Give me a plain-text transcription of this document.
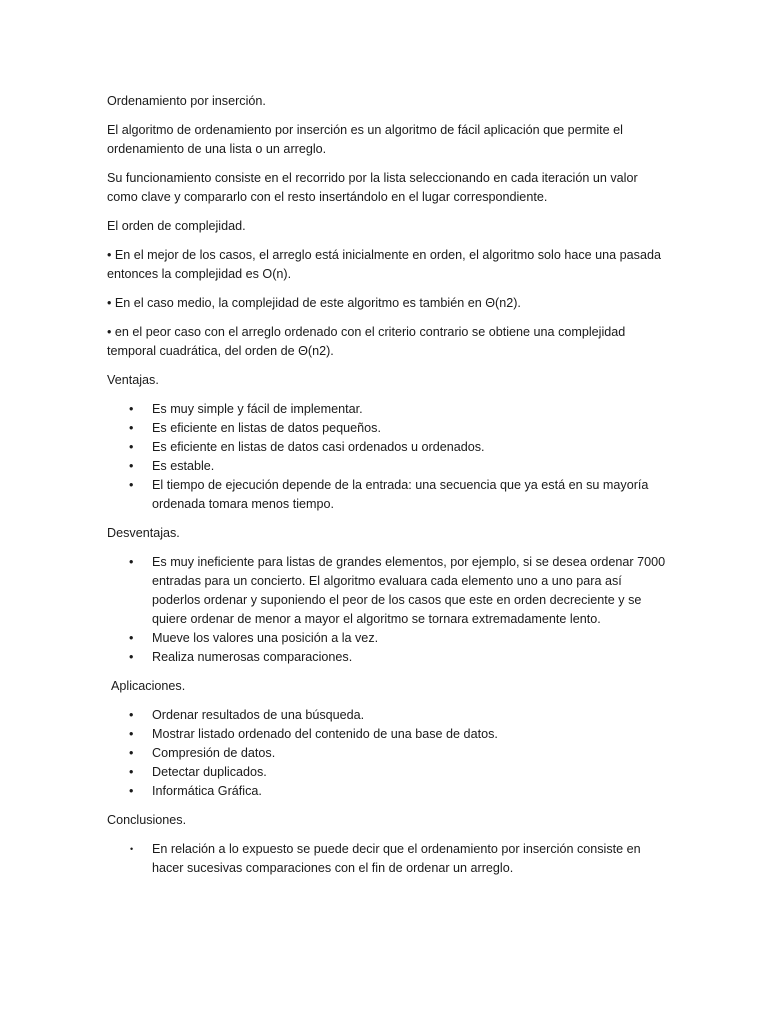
Ordenamiento por inserción.

El algoritmo de ordenamiento por inserción es un algoritmo de fácil aplicación que permite el ordenamiento de una lista o un arreglo.

Su funcionamiento consiste en el recorrido por la lista seleccionando en cada iteración un valor como clave y compararlo con el resto insertándolo en el lugar correspondiente.

El orden de complejidad.

• En el mejor de los casos, el arreglo está inicialmente en orden, el algoritmo solo hace una pasada entonces la complejidad es O(n).

• En el caso medio, la complejidad de este algoritmo es también en Θ(n2).

• en el peor caso con el arreglo ordenado con el criterio contrario se obtiene una complejidad temporal cuadrática, del orden de Θ(n2).

Ventajas.

• Es muy simple y fácil de implementar.
• Es eficiente en listas de datos pequeños.
• Es eficiente en listas de datos casi ordenados u ordenados.
• Es estable.
• El tiempo de ejecución depende de la entrada: una secuencia que ya está en su mayoría ordenada tomara menos tiempo.

Desventajas.

• Es muy ineficiente para listas de grandes elementos, por ejemplo, si se desea ordenar 7000 entradas para un concierto. El algoritmo evaluara cada elemento uno a uno para así poderlos ordenar y suponiendo el peor de los casos que este en orden decreciente y se quiere ordenar de menor a mayor el algoritmo se tornara extremadamente lento.
• Mueve los valores una posición a la vez.
• Realiza numerosas comparaciones.

Aplicaciones.

• Ordenar resultados de una búsqueda.
• Mostrar listado ordenado del contenido de una base de datos.
• Compresión de datos.
• Detectar duplicados.
• Informática Gráfica.

Conclusiones.

• En relación a lo expuesto se puede decir que el ordenamiento por inserción consiste en hacer sucesivas comparaciones con el fin de ordenar un arreglo.
